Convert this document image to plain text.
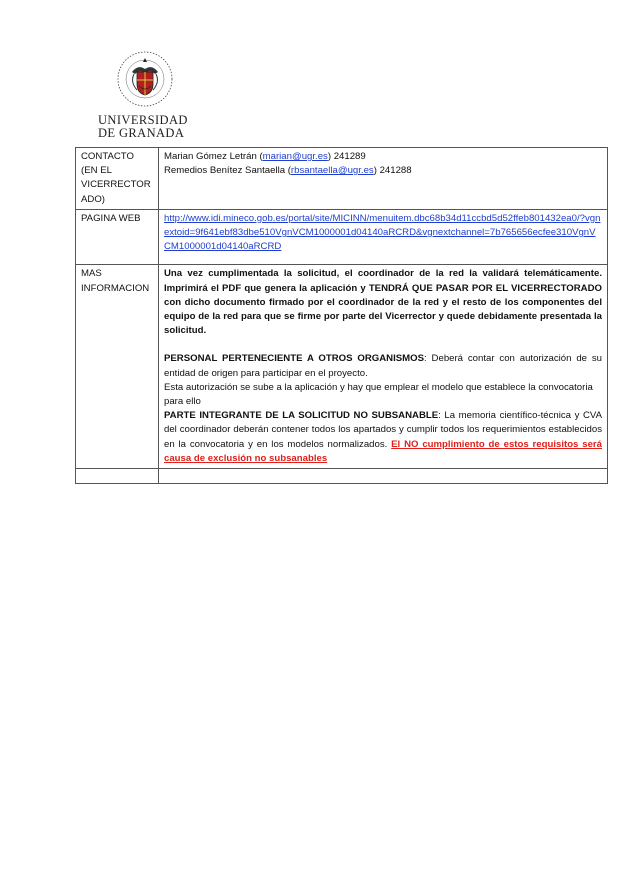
UNIVERSIDAD
DE GRANADA
CONTACTO (EN EL VICERRECTOR ADO)	Marian Gómez Letrán (marian@ugr.es) 241289
Remedios Benítez Santaella (rbsantaella@ugr.es) 241288

PAGINA WEB	http://www.idi.mineco.gob.es/portal/site/MICINN/menuitem.dbc68b34d11ccbd5d52ffeb801432ea0/?vgnextoid=9f641ebf83dbe510VgnVCM1000001d04140aRCRD&vgnextchannel=7b765656ecfee310VgnVCM1000001d04140aRCRD
MAS INFORMACION	Una vez cumplimentada la solicitud, el coordinador de la red la validará telemáticamente. Imprimirá el PDF que genera la aplicación y TENDRÁ QUE PASAR POR EL VICERRECTORADO con dicho documento firmado por el coordinador de la red y el resto de los componentes del equipo de la red para que se firme por parte del Vicerrector y quede debidamente presentada la solicitud.
PERSONAL PERTENECIENTE A OTROS ORGANISMOS: Deberá contar con autorización de su entidad de origen para participar en el proyecto.
Esta autorización se sube a la aplicación y hay que emplear el modelo que establece la convocatoria para ello
PARTE INTEGRANTE DE LA SOLICITUD NO SUBSANABLE: La memoria científico-técnica y CVA del coordinador deberán contener todos los apartados y cumplir todos los requerimientos establecidos en la convocatoria y en los modelos normalizados. El NO cumplimiento de estos requisitos será causa de exclusión no subsanables
